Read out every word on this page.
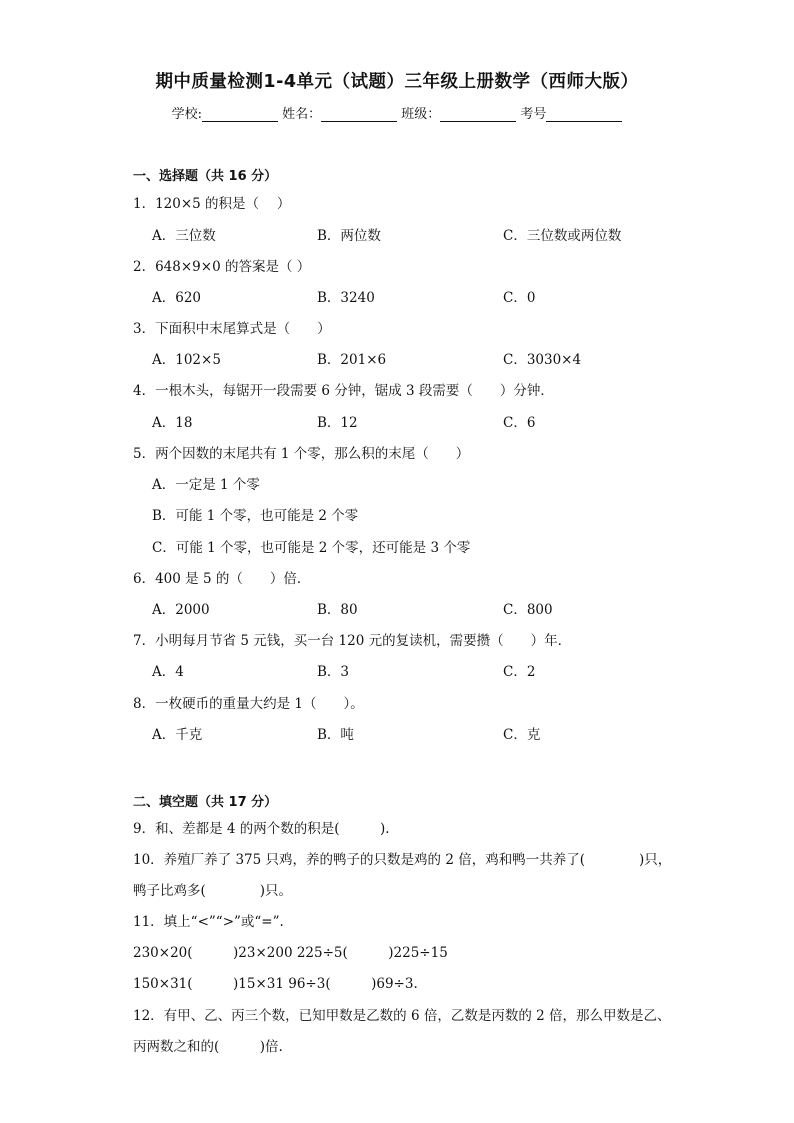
期中质量检测1-4单元（试题）三年级上册数学（西师大版）
学校:	姓名：	班级：	考号
一、选择题（共 16 分）
1．120×5 的积是（　 ）
A．三位数	B．两位数	C．三位数或两位数
2．648×9×0 的答案是（ ）
A．620	B．3240	C．0
3．下面积中末尾算式是（　　）
A．102×5	B．201×6	C．3030×4
4．一根木头，每锯开一段需要 6 分钟，锯成 3 段需要（　　）分钟．
A．18	B．12	C．6
5．两个因数的末尾共有 1 个零，那么积的末尾（　　）
A．一定是 1 个零
B．可能 1 个零，也可能是 2 个零
C．可能 1 个零，也可能是 2 个零，还可能是 3 个零
6．400 是 5 的（　　）倍．
A．2000	B．80	C．800
7．小明每月节省 5 元钱，买一台 120 元的复读机，需要攒（　　）年．
A．4	B．3	C．2
8．一枚硬币的重量大约是 1（　　）。
A．千克	B．吨	C．克
二、填空题（共 17 分）
9．和、差都是 4 的两个数的积是(　　　).
10．养殖厂养了 375 只鸡，养的鸭子的只数是鸡的 2 倍，鸡和鸭一共养了(　　　　)只，
鸭子比鸡多(　　　　)只。
11．填上“<”“>”或“=”.
230×20(　　　)23×200 225÷5(　　　)225÷15
150×31(　　　)15×31 96÷3(　　　)69÷3.
12．有甲、乙、丙三个数，已知甲数是乙数的 6 倍，乙数是丙数的 2 倍，那么甲数是乙、
丙两数之和的(　　　)倍.
